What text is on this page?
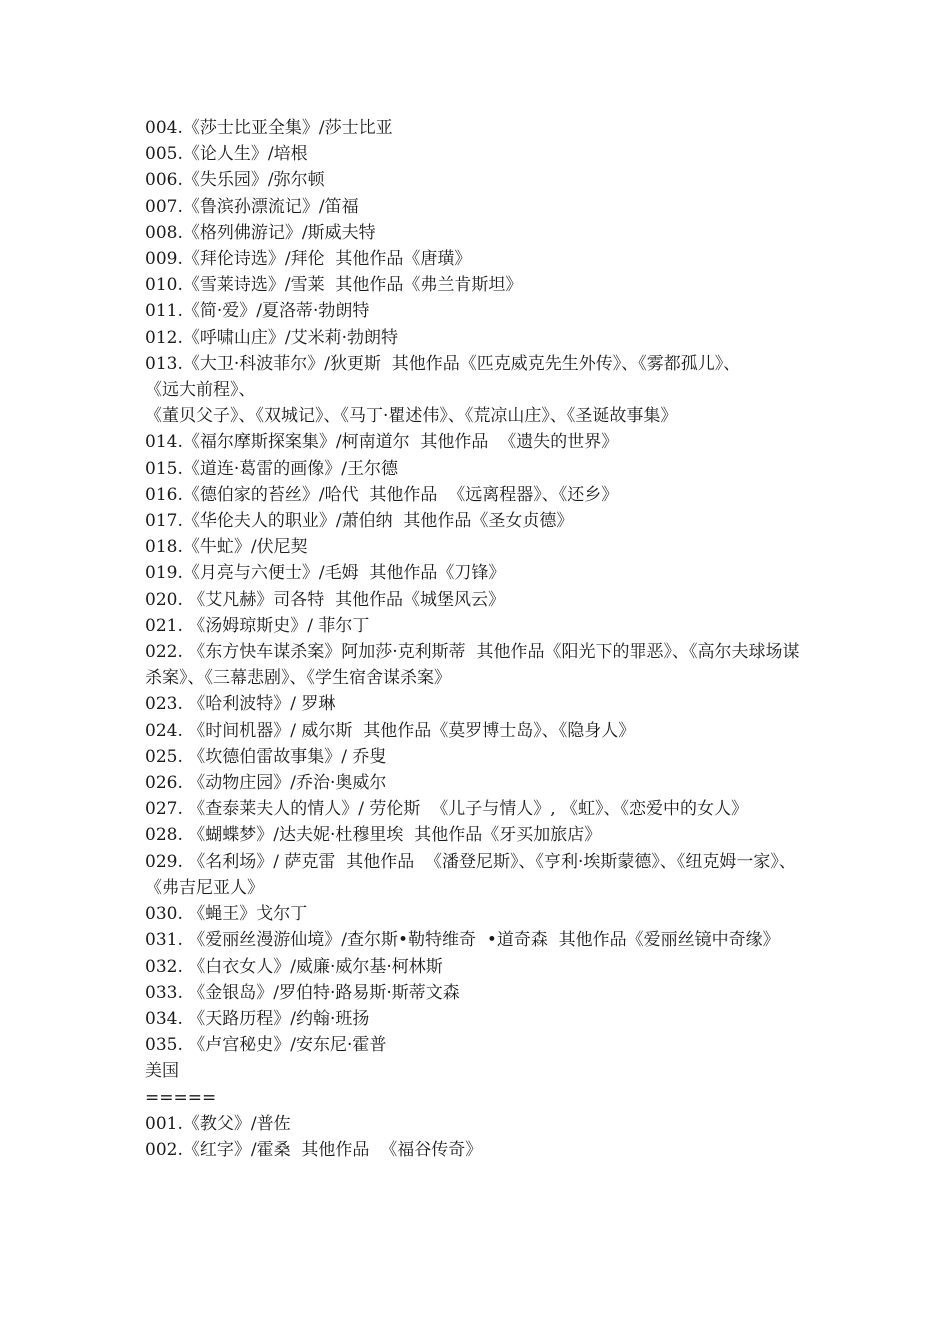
004.《莎士比亚全集》/莎士比亚
005.《论人生》/培根
006.《失乐园》/弥尔顿
007.《鲁滨孙漂流记》/笛福
008.《格列佛游记》/斯威夫特
009.《拜伦诗选》/拜伦  其他作品《唐璜》
010.《雪莱诗选》/雪莱  其他作品《弗兰肯斯坦》
011.《简·爱》/夏洛蒂·勃朗特
012.《呼啸山庄》/艾米莉·勃朗特
013.《大卫·科波菲尔》/狄更斯  其他作品《匹克威克先生外传》、《雾都孤儿》、
《远大前程》、
《董贝父子》、《双城记》、《马丁·瞿述伟》、《荒凉山庄》、《圣诞故事集》
014.《福尔摩斯探案集》/柯南道尔  其他作品  《遗失的世界》
015.《道连·葛雷的画像》/王尔德
016.《德伯家的苔丝》/哈代  其他作品  《远离程器》、《还乡》
017.《华伦夫人的职业》/萧伯纳  其他作品《圣女贞德》
018.《牛虻》/伏尼契
019.《月亮与六便士》/毛姆  其他作品《刀锋》
020. 《艾凡赫》司各特  其他作品《城堡风云》
021. 《汤姆琼斯史》/ 菲尔丁
022. 《东方快车谋杀案》阿加莎·克利斯蒂  其他作品《阳光下的罪恶》、《高尔夫球场谋杀案》、《三幕悲剧》、《学生宿舍谋杀案》
023. 《哈利波特》/ 罗琳
024. 《时间机器》/ 威尔斯  其他作品《莫罗博士岛》、《隐身人》
025. 《坎德伯雷故事集》/ 乔叟
026. 《动物庄园》/乔治·奥威尔
027. 《查泰莱夫人的情人》/ 劳伦斯  《儿子与情人》, 《虹》、《恋爱中的女人》
028. 《蝴蝶梦》/达夫妮·杜穆里埃  其他作品《牙买加旅店》
029. 《名利场》/ 萨克雷  其他作品  《潘登尼斯》、《亨利·埃斯蒙德》、《纽克姆一家》、《弗吉尼亚人》
030. 《蝇王》戈尔丁
031. 《爱丽丝漫游仙境》/查尔斯•勒特维奇  •道奇森  其他作品《爱丽丝镜中奇缘》
032. 《白衣女人》/威廉·威尔基·柯林斯
033. 《金银岛》/罗伯特·路易斯·斯蒂文森
034. 《天路历程》/约翰·班扬
035. 《卢宫秘史》/安东尼·霍普
美国
=====
001.《教父》/普佐
002.《红字》/霍桑  其他作品  《福谷传奇》
